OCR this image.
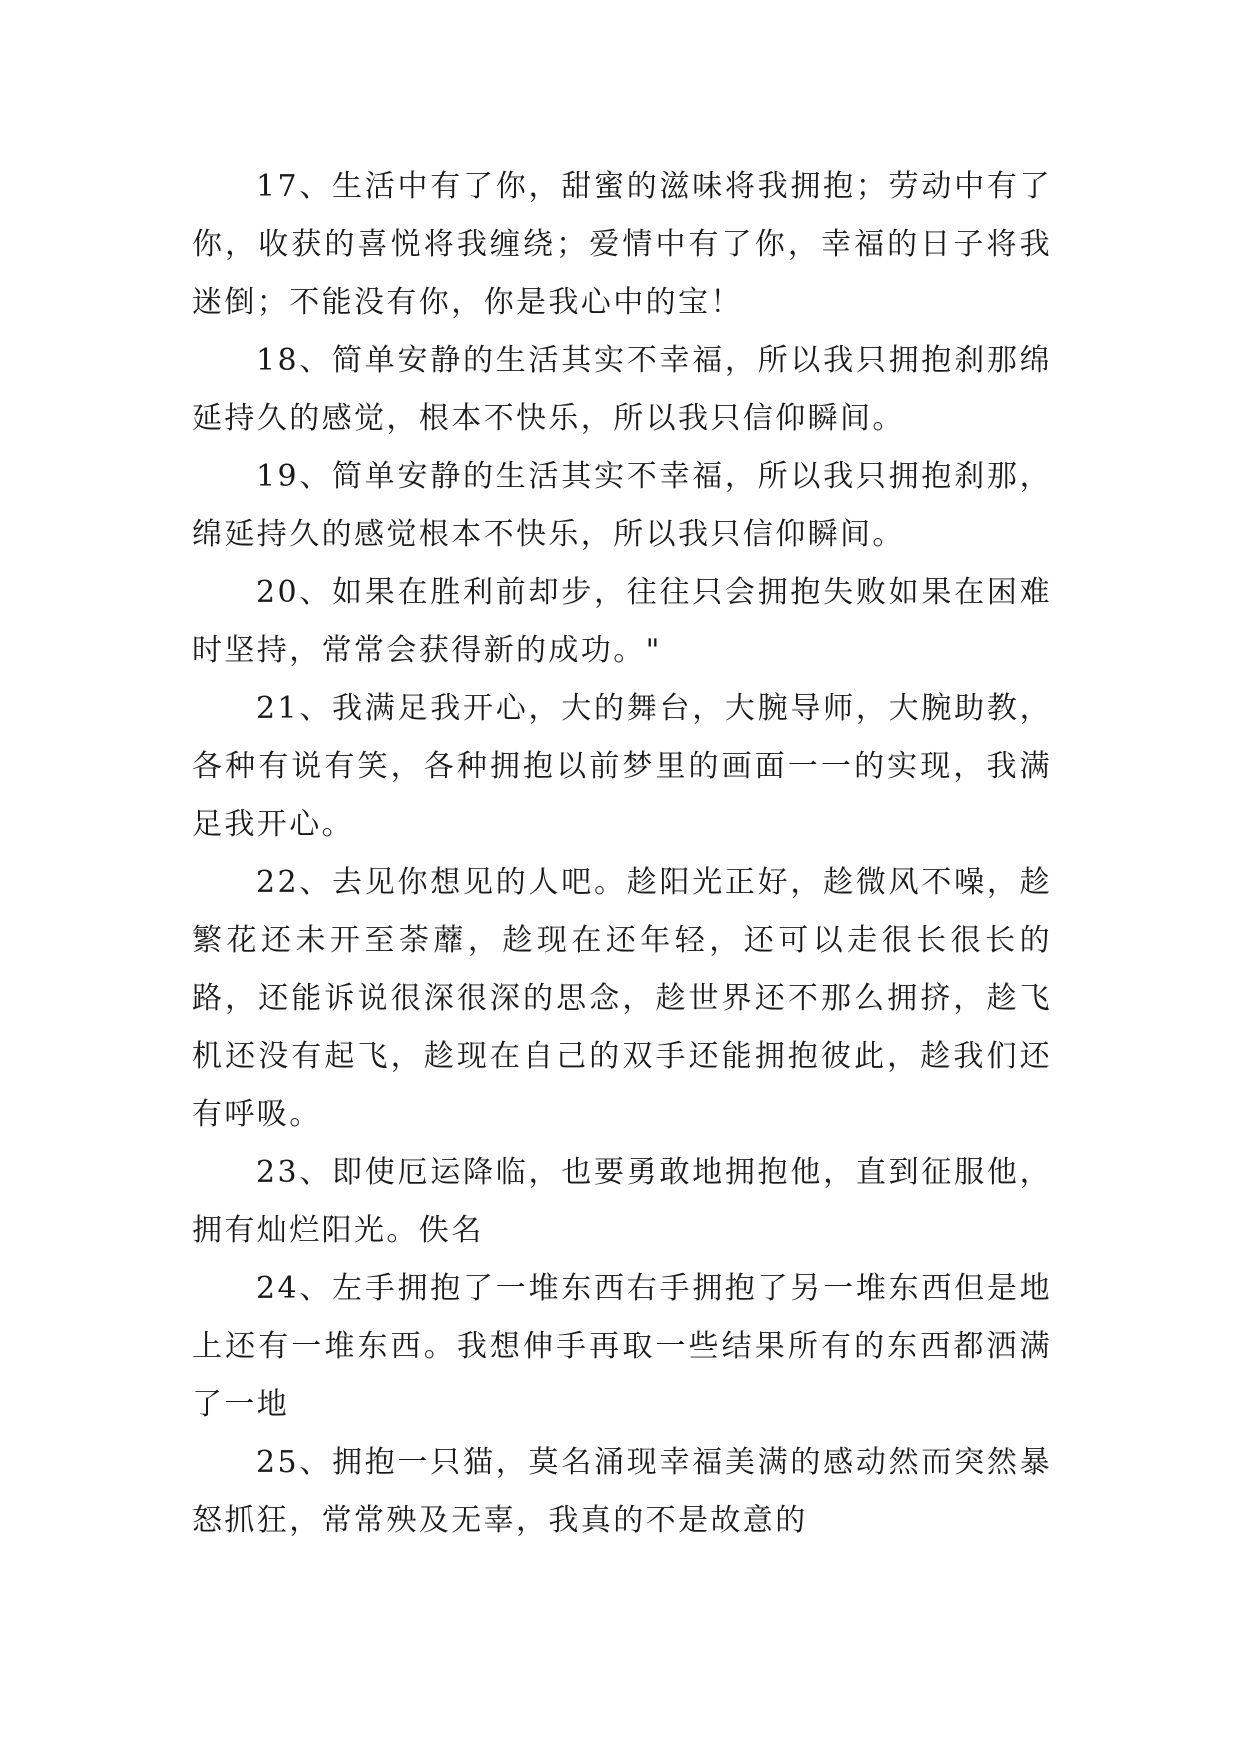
17、生活中有了你，甜蜜的滋味将我拥抱；劳动中有了你，收获的喜悦将我缠绕；爱情中有了你，幸福的日子将我迷倒；不能没有你，你是我心中的宝！

18、简单安静的生活其实不幸福，所以我只拥抱刹那绵延持久的感觉，根本不快乐，所以我只信仰瞬间。

19、简单安静的生活其实不幸福，所以我只拥抱刹那，绵延持久的感觉根本不快乐，所以我只信仰瞬间。

20、如果在胜利前却步，往往只会拥抱失败如果在困难时坚持，常常会获得新的成功。"

21、我满足我开心，大的舞台，大腕导师，大腕助教，各种有说有笑，各种拥抱以前梦里的画面一一的实现，我满足我开心。

22、去见你想见的人吧。趁阳光正好，趁微风不噪，趁繁花还未开至荼蘼，趁现在还年轻，还可以走很长很长的路，还能诉说很深很深的思念，趁世界还不那么拥挤，趁飞机还没有起飞，趁现在自己的双手还能拥抱彼此，趁我们还有呼吸。

23、即使厄运降临，也要勇敢地拥抱他，直到征服他，拥有灿烂阳光。佚名

24、左手拥抱了一堆东西右手拥抱了另一堆东西但是地上还有一堆东西。我想伸手再取一些结果所有的东西都洒满了一地

25、拥抱一只猫，莫名涌现幸福美满的感动然而突然暴怒抓狂，常常殃及无辜，我真的不是故意的
